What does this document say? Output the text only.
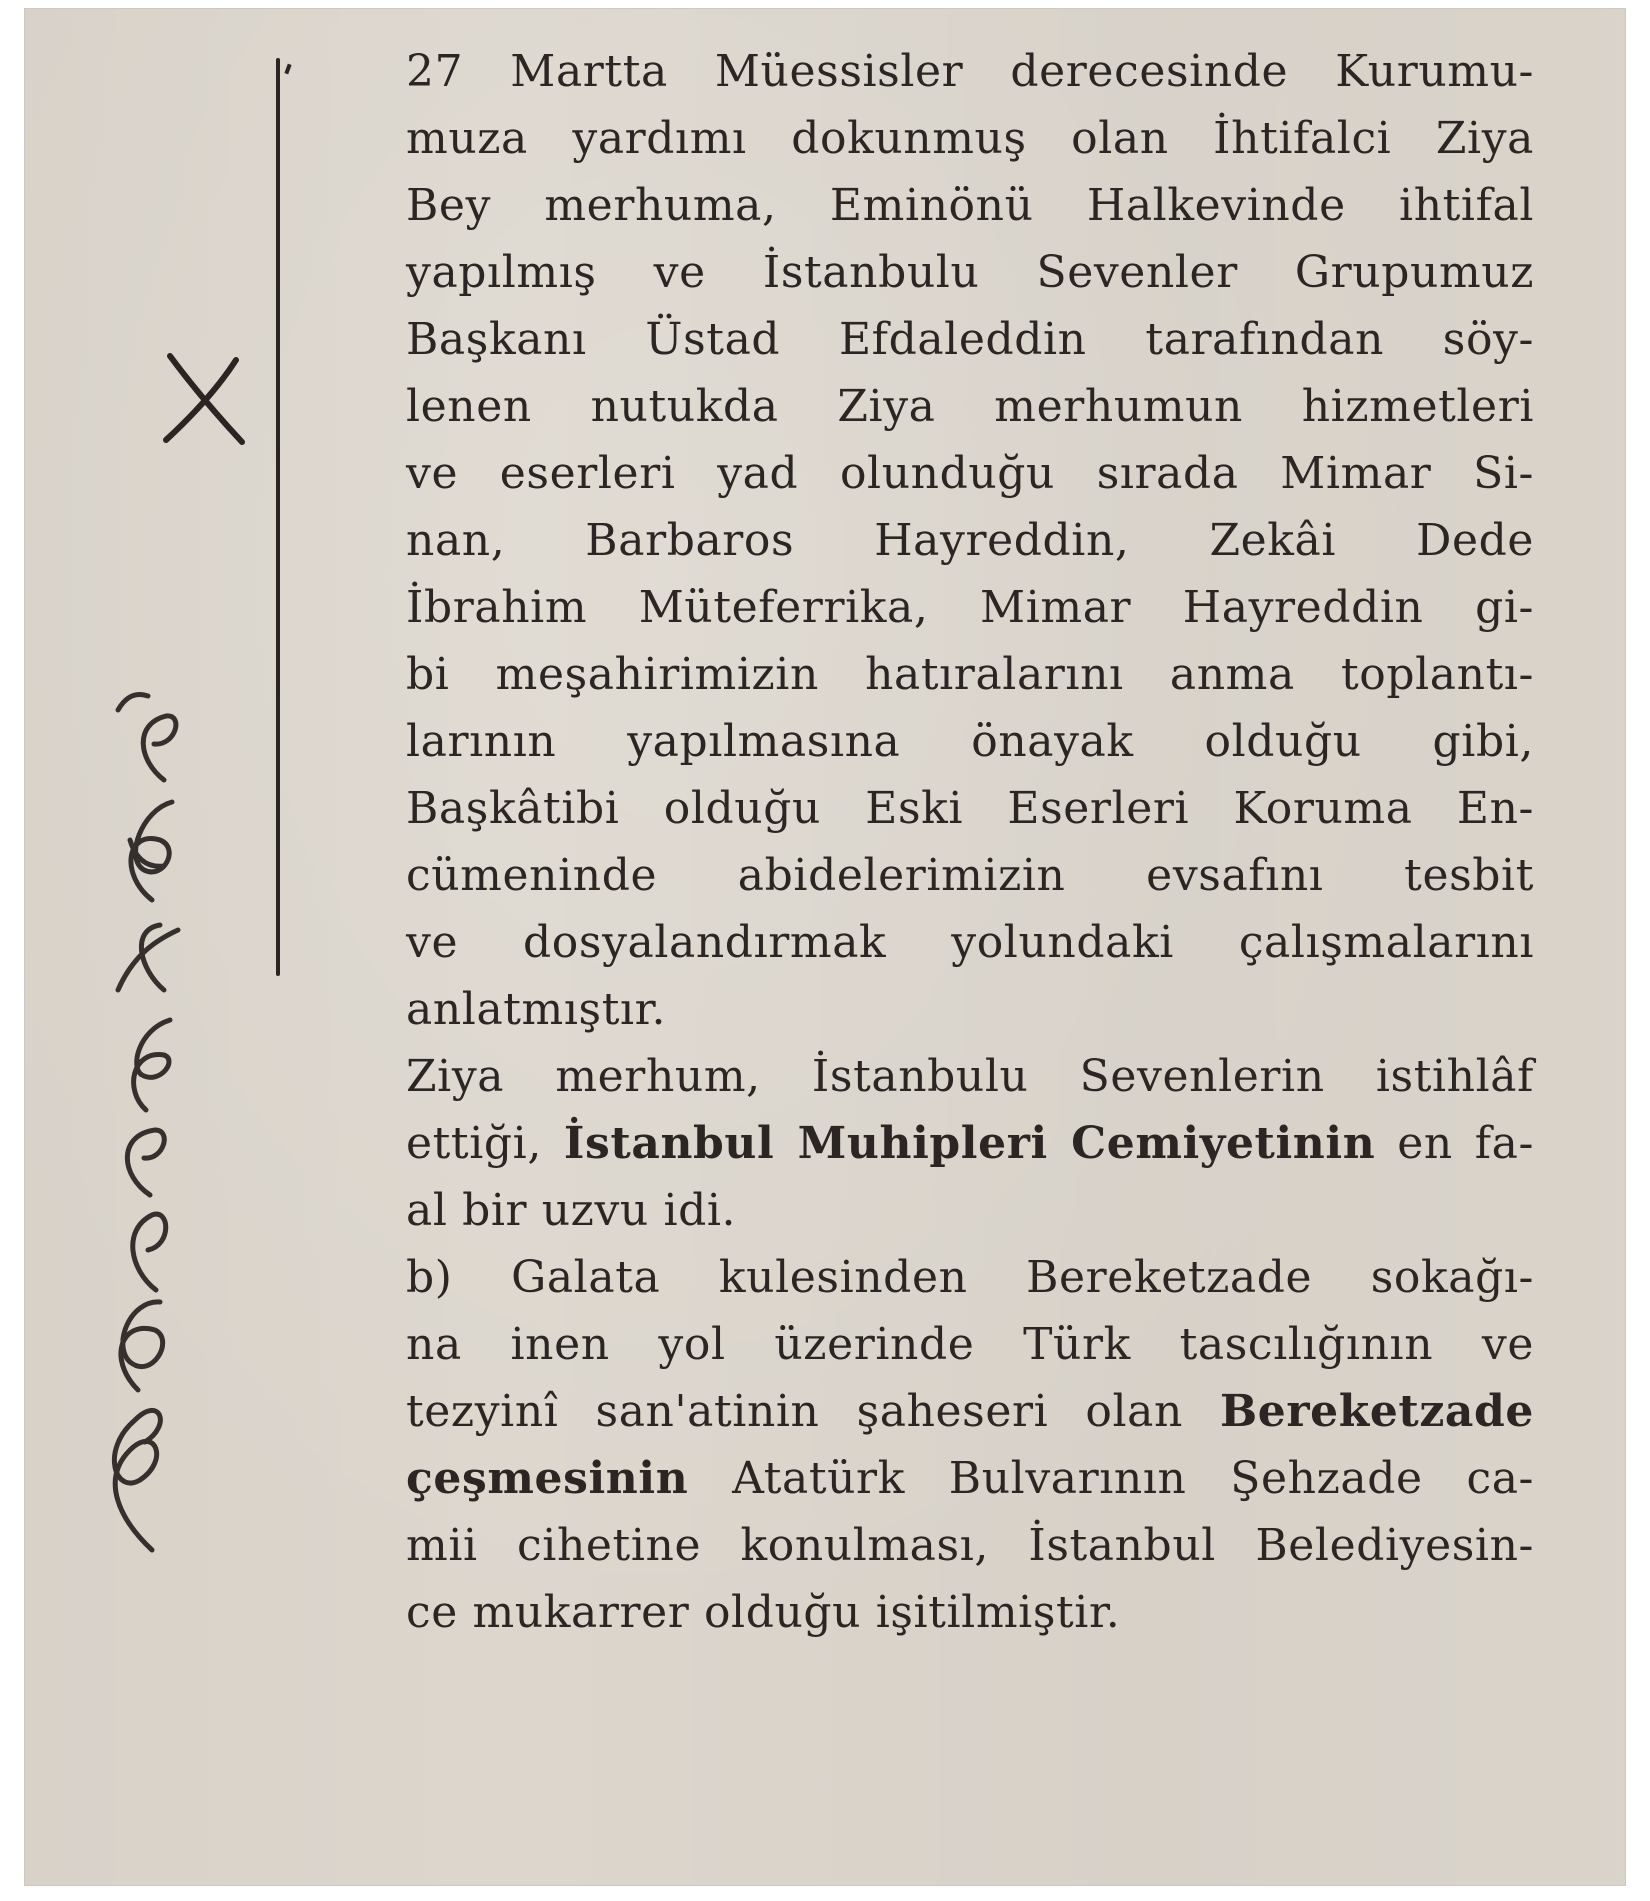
27 Martta Müessisler derecesinde Kurumu-
muza yardımı dokunmuş olan İhtifalci Ziya
Bey merhuma, Eminönü Halkevinde ihtifal
yapılmış ve İstanbulu Sevenler Grupumuz
Başkanı Üstad Efdaleddin tarafından söy-
lenen nutukda Ziya merhumun hizmetleri
ve eserleri yad olunduğu sırada Mimar Si-
nan, Barbaros Hayreddin, Zekâi Dede
İbrahim Müteferrika, Mimar Hayreddin gi-
bi meşahirimizin hatıralarını anma toplantı-
larının yapılmasına önayak olduğu gibi,
Başkâtibi olduğu Eski Eserleri Koruma En-
cümeninde abidelerimizin evsafını tesbit
ve dosyalandırmak yolundaki çalışmalarını
anlatmıştır.
Ziya merhum, İstanbulu Sevenlerin istihlâf
ettiği, İstanbul Muhipleri Cemiyetinin en fa-
al bir uzvu idi.
b) Galata kulesinden Bereketzade sokağı-
na inen yol üzerinde Türk tascılığının ve
tezyinî san'atinin şaheseri olan Bereketzade
çeşmesinin Atatürk Bulvarının Şehzade ca-
mii cihetine konulması, İstanbul Belediyesin-
ce mukarrer olduğu işitilmiştir.
